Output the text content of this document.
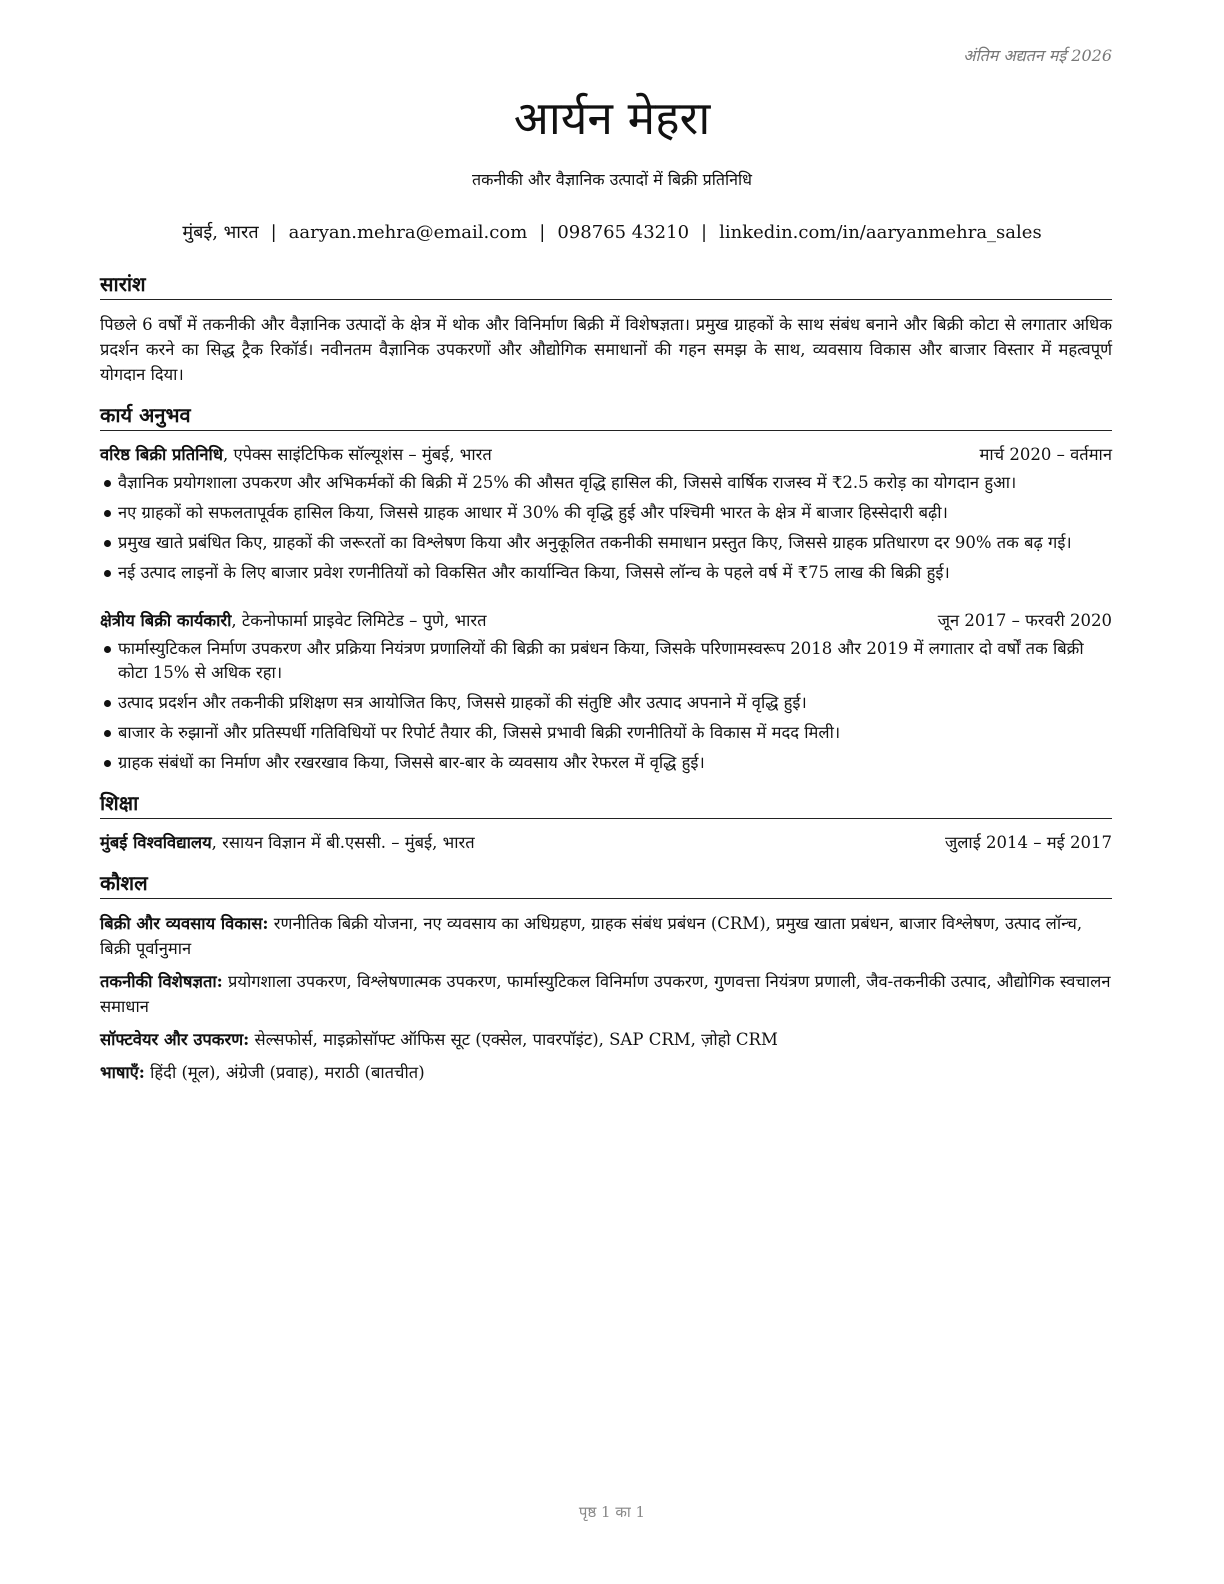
अंतिम अद्यतन मई 2026
आर्यन मेहरा
तकनीकी और वैज्ञानिक उत्पादों में बिक्री प्रतिनिधि
मुंबई, भारत | aaryan.mehra@email.com | 098765 43210 | linkedin.com/in/aaryanmehra_sales
सारांश
पिछले 6 वर्षों में तकनीकी और वैज्ञानिक उत्पादों के क्षेत्र में थोक और विनिर्माण बिक्री में विशेषज्ञता। प्रमुख ग्राहकों के साथ संबंध बनाने और बिक्री कोटा से लगातार अधिक प्रदर्शन करने का सिद्ध ट्रैक रिकॉर्ड। नवीनतम वैज्ञानिक उपकरणों और औद्योगिक समाधानों की गहन समझ के साथ, व्यवसाय विकास और बाजार विस्तार में महत्वपूर्ण योगदान दिया।
कार्य अनुभव
वरिष्ठ बिक्री प्रतिनिधि, एपेक्स साइंटिफिक सॉल्यूशंस – मुंबई, भारत	मार्च 2020 – वर्तमान
वैज्ञानिक प्रयोगशाला उपकरण और अभिकर्मकों की बिक्री में 25% की औसत वृद्धि हासिल की, जिससे वार्षिक राजस्व में ₹2.5 करोड़ का योगदान हुआ।
नए ग्राहकों को सफलतापूर्वक हासिल किया, जिससे ग्राहक आधार में 30% की वृद्धि हुई और पश्चिमी भारत के क्षेत्र में बाजार हिस्सेदारी बढ़ी।
प्रमुख खाते प्रबंधित किए, ग्राहकों की जरूरतों का विश्लेषण किया और अनुकूलित तकनीकी समाधान प्रस्तुत किए, जिससे ग्राहक प्रतिधारण दर 90% तक बढ़ गई।
नई उत्पाद लाइनों के लिए बाजार प्रवेश रणनीतियों को विकसित और कार्यान्वित किया, जिससे लॉन्च के पहले वर्ष में ₹75 लाख की बिक्री हुई।
क्षेत्रीय बिक्री कार्यकारी, टेकनोफार्मा प्राइवेट लिमिटेड – पुणे, भारत	जून 2017 – फरवरी 2020
फार्मास्युटिकल निर्माण उपकरण और प्रक्रिया नियंत्रण प्रणालियों की बिक्री का प्रबंधन किया, जिसके परिणामस्वरूप 2018 और 2019 में लगातार दो वर्षों तक बिक्री कोटा 15% से अधिक रहा।
उत्पाद प्रदर्शन और तकनीकी प्रशिक्षण सत्र आयोजित किए, जिससे ग्राहकों की संतुष्टि और उत्पाद अपनाने में वृद्धि हुई।
बाजार के रुझानों और प्रतिस्पर्धी गतिविधियों पर रिपोर्ट तैयार की, जिससे प्रभावी बिक्री रणनीतियों के विकास में मदद मिली।
ग्राहक संबंधों का निर्माण और रखरखाव किया, जिससे बार-बार के व्यवसाय और रेफरल में वृद्धि हुई।
शिक्षा
मुंबई विश्वविद्यालय, रसायन विज्ञान में बी.एससी. – मुंबई, भारत	जुलाई 2014 – मई 2017
कौशल
बिक्री और व्यवसाय विकास: रणनीतिक बिक्री योजना, नए व्यवसाय का अधिग्रहण, ग्राहक संबंध प्रबंधन (CRM), प्रमुख खाता प्रबंधन, बाजार विश्लेषण, उत्पाद लॉन्च, बिक्री पूर्वानुमान
तकनीकी विशेषज्ञता: प्रयोगशाला उपकरण, विश्लेषणात्मक उपकरण, फार्मास्युटिकल विनिर्माण उपकरण, गुणवत्ता नियंत्रण प्रणाली, जैव-तकनीकी उत्पाद, औद्योगिक स्वचालन समाधान
सॉफ्टवेयर और उपकरण: सेल्सफोर्स, माइक्रोसॉफ्ट ऑफिस सूट (एक्सेल, पावरपॉइंट), SAP CRM, ज़ोहो CRM
भाषाएँ: हिंदी (मूल), अंग्रेजी (प्रवाह), मराठी (बातचीत)
पृष्ठ 1 का 1
